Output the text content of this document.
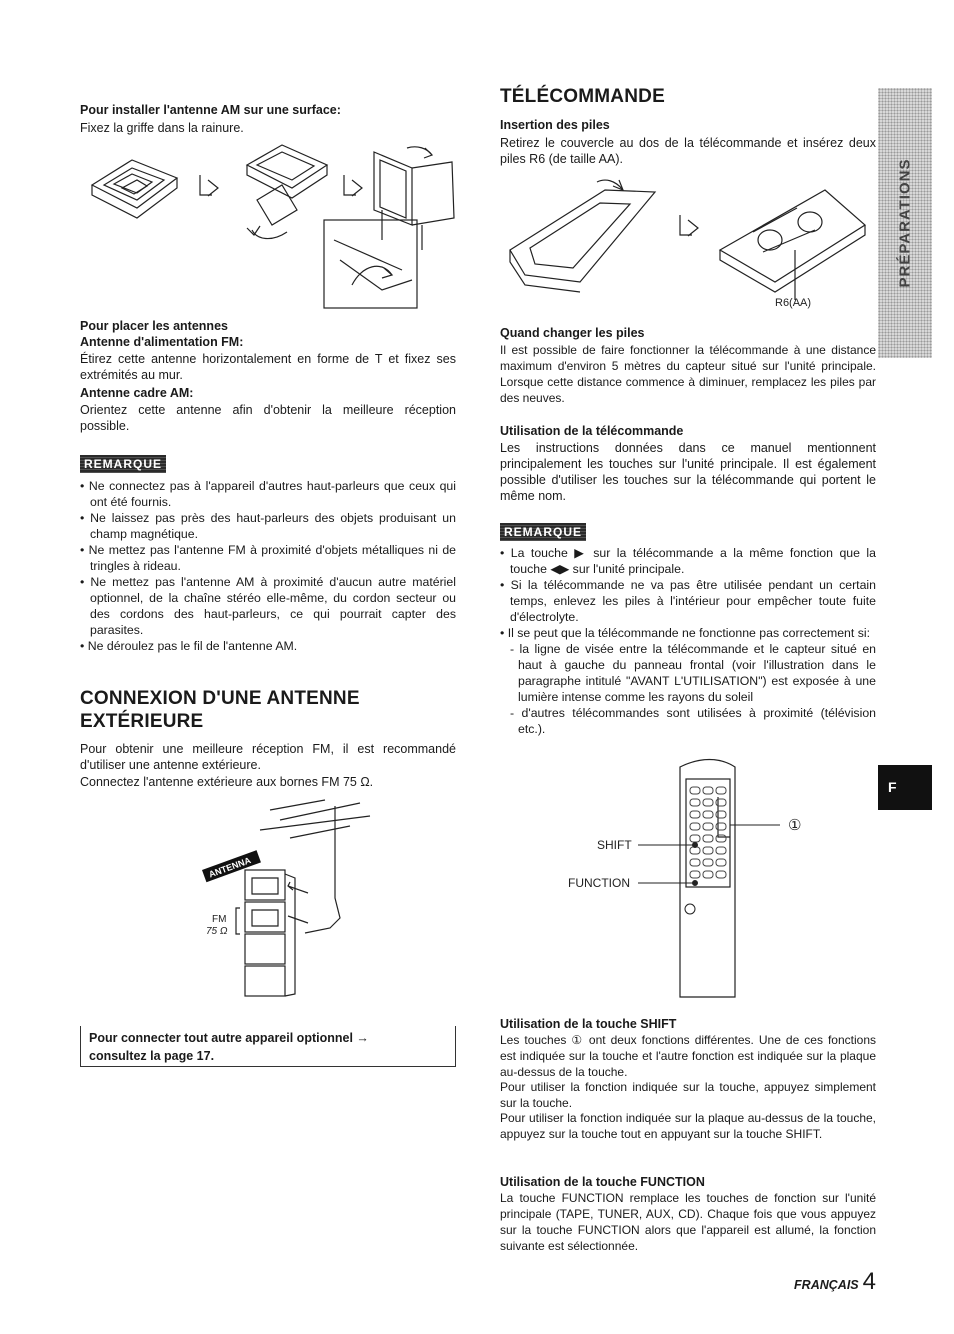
Pour installer l'antenne AM sur une surface:

Fixez la griffe dans la rainure.

Pour placer les antennes

Antenne d'alimentation FM:

Étirez cette antenne horizontalement en forme de T et fixez ses extrémités au mur.

Antenne cadre AM:

Orientez cette antenne afin d'obtenir la meilleure réception possible.

REMARQUE
• Ne connectez pas à l'appareil d'autres haut-parleurs que ceux qui ont été fournis.
• Ne laissez pas près des haut-parleurs des objets produisant un champ magnétique.
• Ne mettez pas l'antenne FM à proximité d'objets métalliques ni de tringles à rideau.
• Ne mettez pas l'antenne AM à proximité d'aucun autre matériel optionnel, de la chaîne stéréo elle-même, du cordon secteur ou des cordons des haut-parleurs, ce qui pourrait capter des parasites.
• Ne déroulez pas le fil de l'antenne AM.

CONNEXION D'UNE ANTENNE

EXTÉRIEURE

Pour obtenir une meilleure réception FM, il est recommandé d'utiliser une antenne extérieure.

Connectez l'antenne extérieure aux bornes FM 75 Ω.

ANTENNA
FM
75 Ω

Pour connecter tout autre appareil optionnel →

consultez la page 17.

TÉLÉCOMMANDE

Insertion des piles

Retirez le couvercle au dos de la télécommande et insérez deux piles R6 (de taille AA).

R6(AA)

Quand changer les piles

Il est possible de faire fonctionner la télécommande à une distance maximum d'environ 5 mètres du capteur situé sur l'unité principale. Lorsque cette distance commence à diminuer, remplacez les piles par des neuves.

Utilisation de la télécommande

Les instructions données dans ce manuel mentionnent principalement les touches sur l'unité principale. Il est également possible d'utiliser les touches sur la télécommande qui portent le même nom.

REMARQUE
• La touche ▶ sur la télécommande a la même fonction que la touche ◀▶ sur l'unité principale.
• Si la télécommande ne va pas être utilisée pendant un certain temps, enlevez les piles à l'intérieur pour empêcher toute fuite d'électrolyte.
• Il se peut que la télécommande ne fonctionne pas correctement si:
- la ligne de visée entre la télécommande et le capteur situé en haut à gauche du panneau frontal (voir l'illustration dans le paragraphe intitulé "AVANT L'UTILISATION") est exposée à une lumière intense comme les rayons du soleil
- d'autres télécommandes sont utilisées à proximité (télévision etc.).
SHIFT
FUNCTION
①

Utilisation de la touche SHIFT

Les touches ① ont deux fonctions différentes. Une de ces fonctions est indiquée sur la touche et l'autre fonction est indiquée sur la plaque au-dessus de la touche.

Pour utiliser la fonction indiquée sur la touche, appuyez simplement sur la touche.

Pour utiliser la fonction indiquée sur la plaque au-dessus de la touche, appuyez sur la touche tout en appuyant sur la touche SHIFT.

Utilisation de la touche FUNCTION

La touche FUNCTION remplace les touches de fonction sur l'unité principale (TAPE, TUNER, AUX, CD). Chaque fois que vous appuyez sur la touche FUNCTION alors que l'appareil est allumé, la fonction suivante est sélectionnée.

PRÉPARATIONS
F
FRANÇAIS 4
